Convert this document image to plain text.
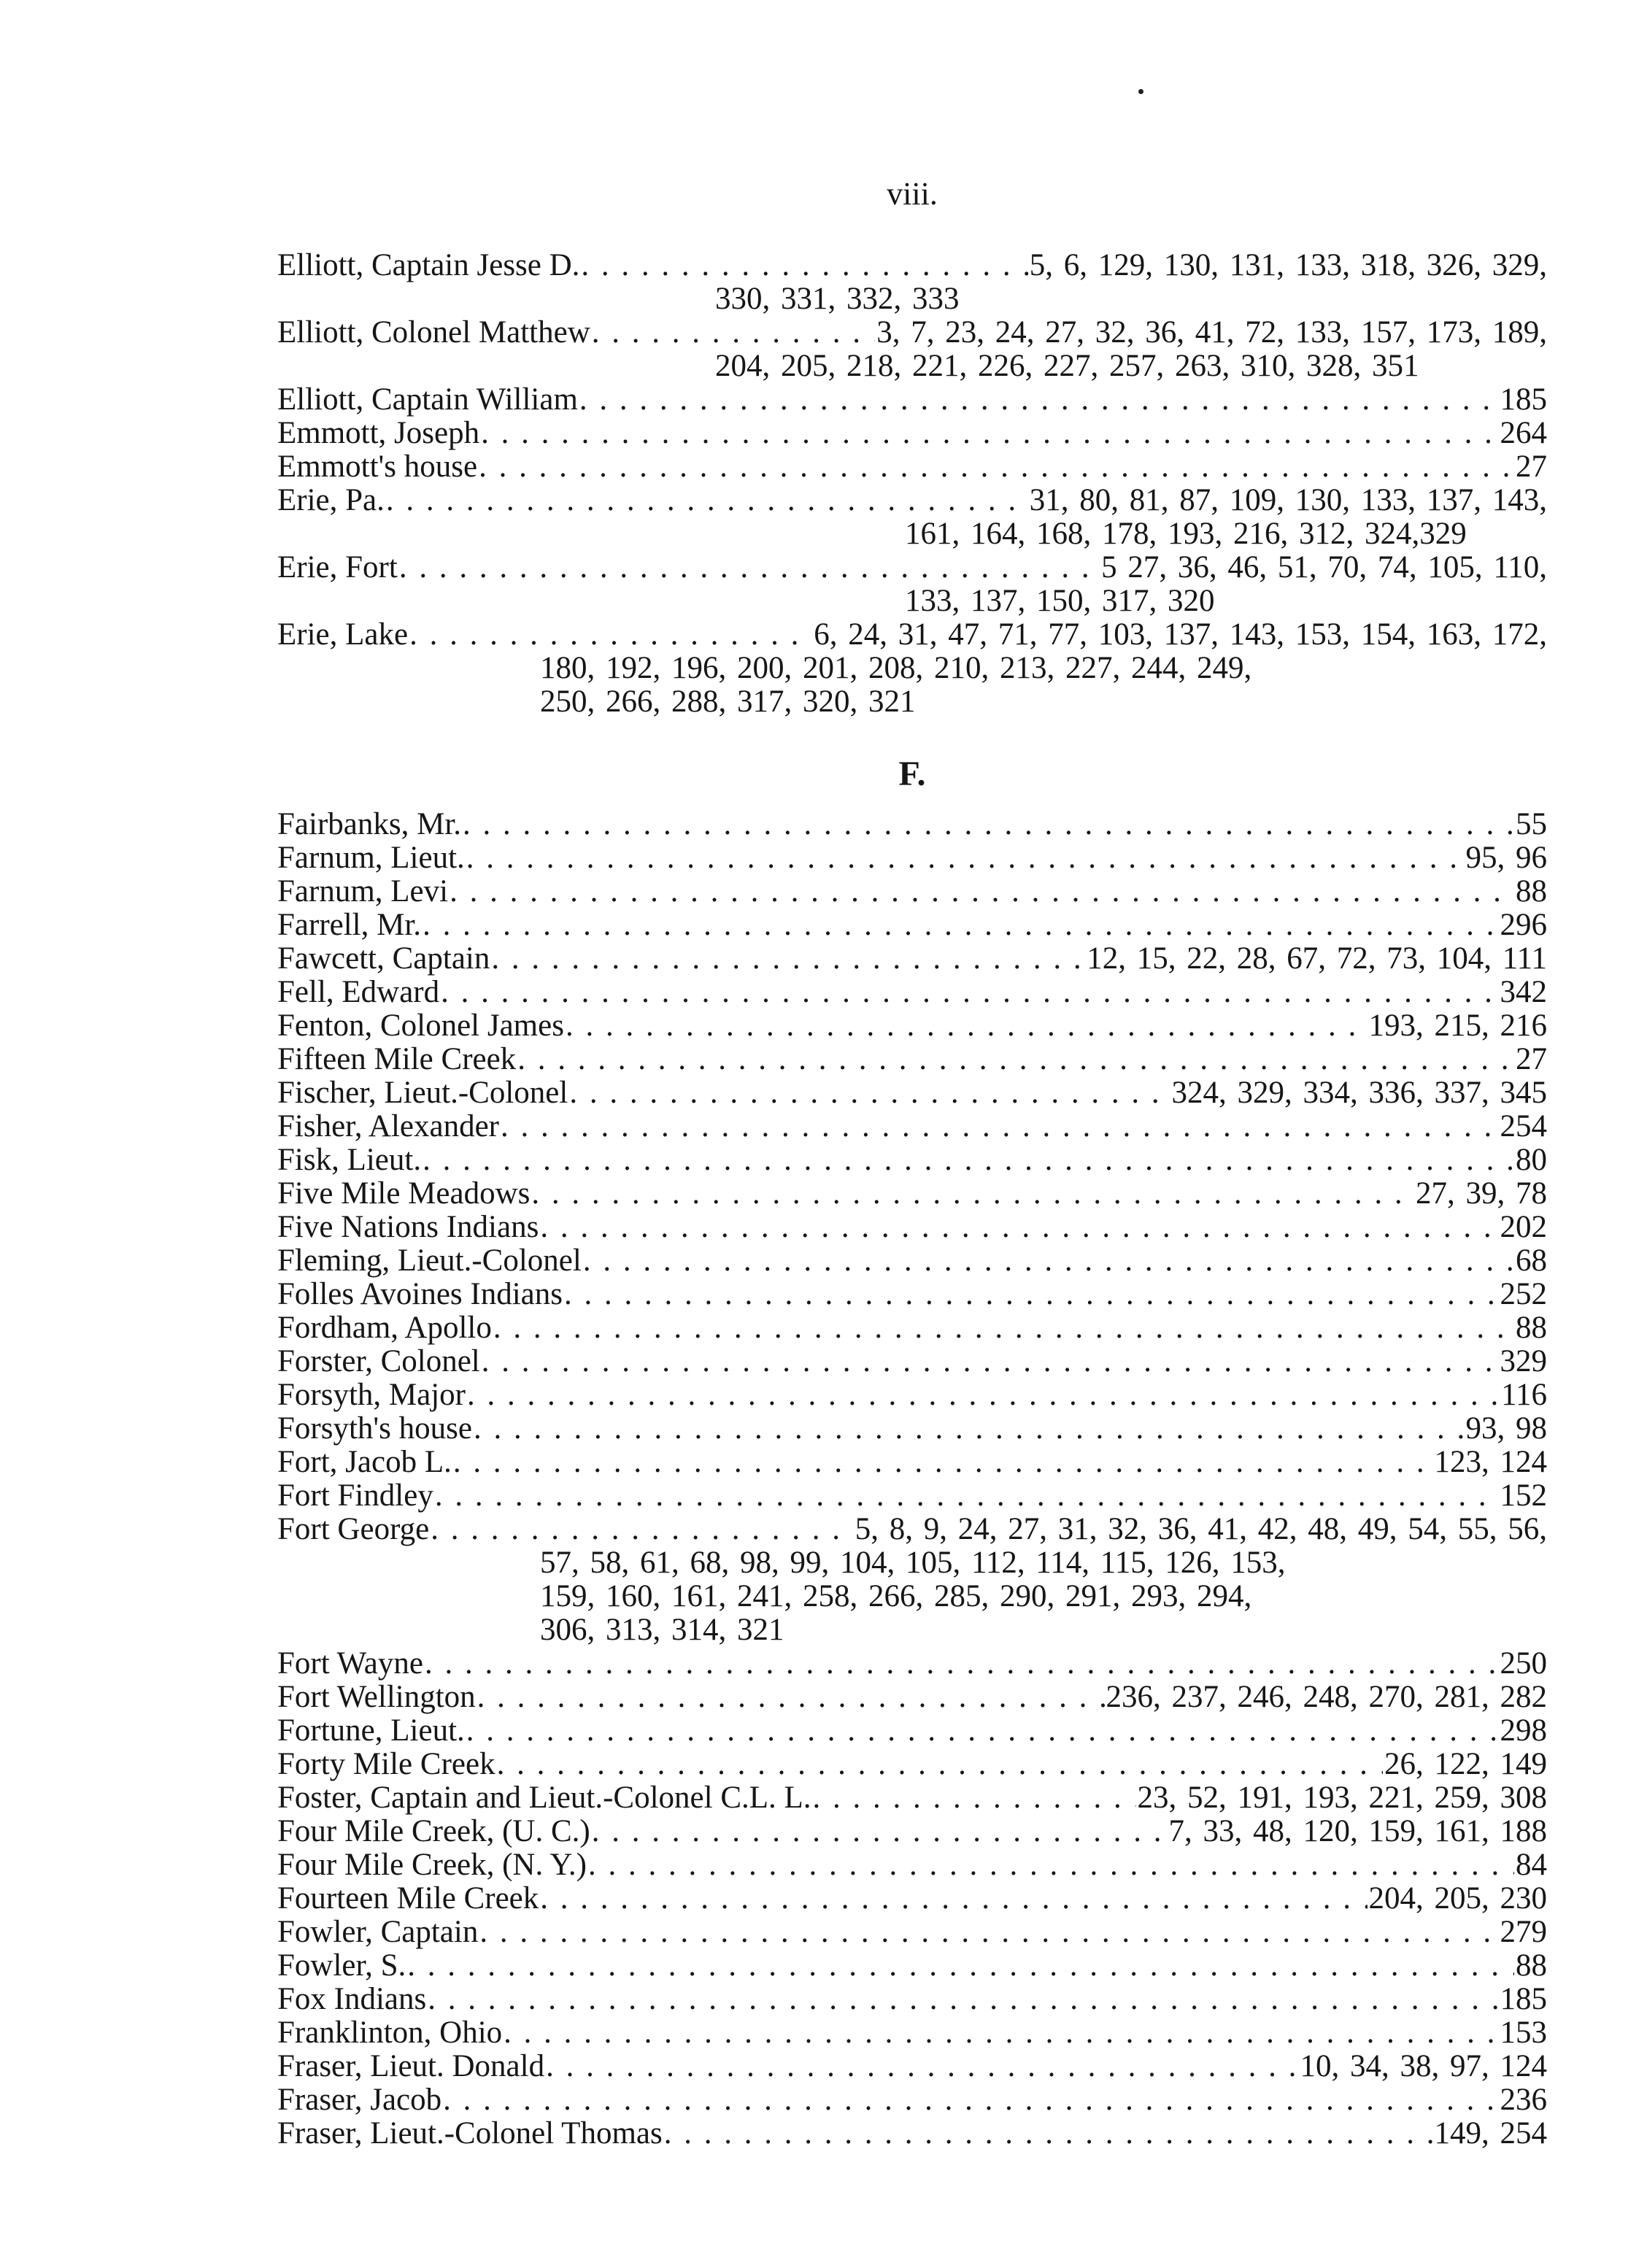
viii.
Elliott, Captain Jesse D. . . .	5, 6, 129, 130, 131, 133, 318, 326, 329,
330, 331, 332, 333
Elliott, Colonel Matthew . . .	3, 7, 23, 24, 27, 32, 36, 41, 72, 133, 157, 173, 189,
204, 205, 218, 221, 226, 227, 257, 263, 310, 328, 351
Elliott, Captain William . . .	185
Emmott, Joseph . . .	264
Emmott's house . . .	27
Erie, Pa. . . .	31, 80, 81, 87, 109, 130, 133, 137, 143,
161, 164, 168, 178, 193, 216, 312, 324,329
Erie, Fort . . .	5 27, 36, 46, 51, 70, 74, 105, 110,
133, 137, 150, 317, 320
Erie, Lake . . .	6, 24, 31, 47, 71, 77, 103, 137, 143, 153, 154, 163, 172,
180, 192, 196, 200, 201, 208, 210, 213, 227, 244, 249,
250, 266, 288, 317, 320, 321
F.
Fairbanks, Mr. . . .	55
Farnum, Lieut. . . .	95, 96
Farnum, Levi . . .	88
Farrell, Mr. . . .	296
Fawcett, Captain . . .	12, 15, 22, 28, 67, 72, 73, 104, 111
Fell, Edward . . .	342
Fenton, Colonel James . . .	193, 215, 216
Fifteen Mile Creek . . .	27
Fischer, Lieut.-Colonel . . .	324, 329, 334, 336, 337, 345
Fisher, Alexander . . .	254
Fisk, Lieut. . . .	80
Five Mile Meadows . . .	27, 39, 78
Five Nations Indians . . .	202
Fleming, Lieut.-Colonel . . .	68
Folles Avoines Indians . . .	252
Fordham, Apollo . . .	88
Forster, Colonel . . .	329
Forsyth, Major . . .	116
Forsyth's house . . .	93, 98
Fort, Jacob L. . . .	123, 124
Fort Findley . . .	152
Fort George . . .	5, 8, 9, 24, 27, 31, 32, 36, 41, 42, 48, 49, 54, 55, 56,
57, 58, 61, 68, 98, 99, 104, 105, 112, 114, 115, 126, 153,
159, 160, 161, 241, 258, 266, 285, 290, 291, 293, 294,
306, 313, 314, 321
Fort Wayne . . .	250
Fort Wellington . . .	236, 237, 246, 248, 270, 281, 282
Fortune, Lieut. . . .	298
Forty Mile Creek . . .	26, 122, 149
Foster, Captain and Lieut.-Colonel C.L. L. . . .	23, 52, 191, 193, 221, 259, 308
Four Mile Creek, (U. C.) . . .	7, 33, 48, 120, 159, 161, 188
Four Mile Creek, (N. Y.) . . .	84
Fourteen Mile Creek . . .	204, 205, 230
Fowler, Captain . . .	279
Fowler, S. . . .	88
Fox Indians . . .	185
Franklinton, Ohio . . .	153
Fraser, Lieut. Donald . . .	10, 34, 38, 97, 124
Fraser, Jacob . . .	236
Fraser, Lieut.-Colonel Thomas . . .	149, 254
